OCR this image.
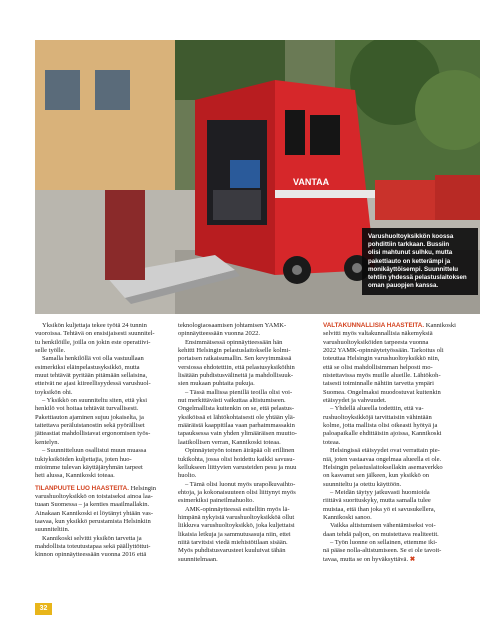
VANTAA
Varushuoltoyksikkön koossa
pohdittiin tarkkaan. Bussiin
olisi mahtunut sulhku, mutta
pakettiauto on ketterämpi ja
monikäyttöisempi. Suunnittelu
tehtiin yhdessä pelastuslaitoksen
oman pauopjen kanssa.

Yksikön kuljettaja tekee työtä 24 tunnin

vuoroissa. Tehtävä on ensisijaisesti suunnitel-

tu henkilöille, joilla on jokin este operatiivi-

selle työlle.

Samalla henkilöllä voi olla vastuullaan

esimerkiksi eläinpelastusyksikkö, mutta

muut tehtävät pyritään pitämään sellaisina,

etteivät ne ajasi kiireellisyydessä varushuol-

toyksikön ohi.

– Yksikkö on suunniteltu siten, että yksi

henkilö voi hoitaa tehtävät turvallisesti.

Pakettiauton ajaminen sujuu jokaiselta, ja

taitettava peräluistanostin sekä pyörälliset

jätteastiat mahdollistavat ergonomisen työs-

kentelyn.

– Suunnitteluun osallistui muun muassa

tukiyksiköiden kuljettajia, joten huo-

mioimme tulevan käyttäjäryhmän tarpeet

heti alussa, Kannikoski toteaa.

TILANPUUTE LUO HAASTEITA. Helsingin

varushuoltoyksikkö on toistaiseksi ainoa laa-

tuaan Suomessa – ja kenties maailmallakin.

Ainakaan Kannikoski ei löytänyt yhtään vas-

taavaa, kun yksikkö perustamista Helsinkiin

suunniteltiin.

Kannikoski selvitti yksikön tarvetta ja

mahdollista toteutustapaa sekä päällyttöttut-

kinnon opinnäytteessään vuonna 2016 että

teknologiaosaamisen johtamisen YAMK-

opinnäytteessään vuonna 2022.

Ensimmäisessä opinnäytteessään hän

kehitti Helsingin pelastuslaitokselle kolmi-

portaisen ratkaisumallin. Sen kevyimmässä

versiossa ehdotettiin, että pelastusyksiköihin

lisätään puhdistusvälineitä ja mahdollisuuk-

sien mukaan puhtaita pukuja.

– Tässä mallissa pienillä teoilla olisi voi-

nut merkittävästi vaikuttaa altistumiseen.

Ongelmallista kuitenkin on se, että pelastus-

yksiköissä ei lähtökohtaisesti ole yhtään ylä-

määräistä kaappitilaa vaan parhaimmassakin

tapauksessa vain yhden ylimääräisen muutto-

laatikollisen verran, Kannikoski toteaa.

Opinnäytetyön toinen äiräpää oli erillinen

tukikohta, jossa olisi hoidettu kaikki savusu-

kellukseen liittyvien varusteiden pesu ja muu

huolto.

– Tämä olisi luonut myös urapolkuvaihto-

ehtoja, ja kokonaisuuteen olisi liittynyt myös

esimerkiksi paineilmahuolto.

AMK-opinnäytteessä esitelltin myös lä-

himpänä nykyistä varushuoltoyksikköä ollut

liikkuva varushuoltoyksikkö, joka kuljettaisi

likaisia letkuja ja sammutusasuja niin, ettei

niitä tarvitsisi viedä miehistötilaan sisään.

Myös puhdistusvarusteet kuuluivat tähän

suunnitelmaan.

VALTAKUNNALLISIA HAASTEITA. Kannikoski

selvitti myös valtakunnallisia näkemyksiä

varushuoltoyksiköiden tarpeesta vuonna

2022 YAMK-opinnäytetyössään. Tarkoitus oli

toteuttaa Helsingin varushuoltoyksikkö niin,

että se olisi mahdollisimman helposti mo-

nistettavissa myös muille alueille. Lähtökoh-

taisesti toiminnalle nähtiin tarvetta ympäri

Suomea. Ongelmaksi muodostuvat kuitenkin

etäisyydet ja vahvuudet.

– Yhdellä alueella todettiin, että va-

rushuoltoyksikköjä tarvittaisiin vähintään

kolme, jotta mallista olisi oikeasti hyötyä ja

paloapaikalle ehdittäisiin ajoissa, Kannikoski

toteaa.

Helsingissä etäisyydet ovat verrattain pie-

niä, joten vastaavaa ongelmaa alueella ei ole.

Helsingin pelastuslaitoksellakin asemaverkko

on kasvanut sen jälkeen, kun yksikkö on

suunniteltu ja otettu käyttöön.

– Meidän täytyy jatkuvasti huomioida

riittävä suorituskyky, mutta samalla tulee

muistaa, että ihan joka yö ei savusukellera,

Kannikoski sanoo.

Vaikka altistumisen vähentämiseksi voi-

daan tehdä paljon, on muistettava realiteetit.

– Työn luonne on sellainen, ettemme iki-

nä pääse nolla-altistumiseen. Se ei ole tavoit-

tavaa, mutta se on hyväksyttävä. ✖

32
